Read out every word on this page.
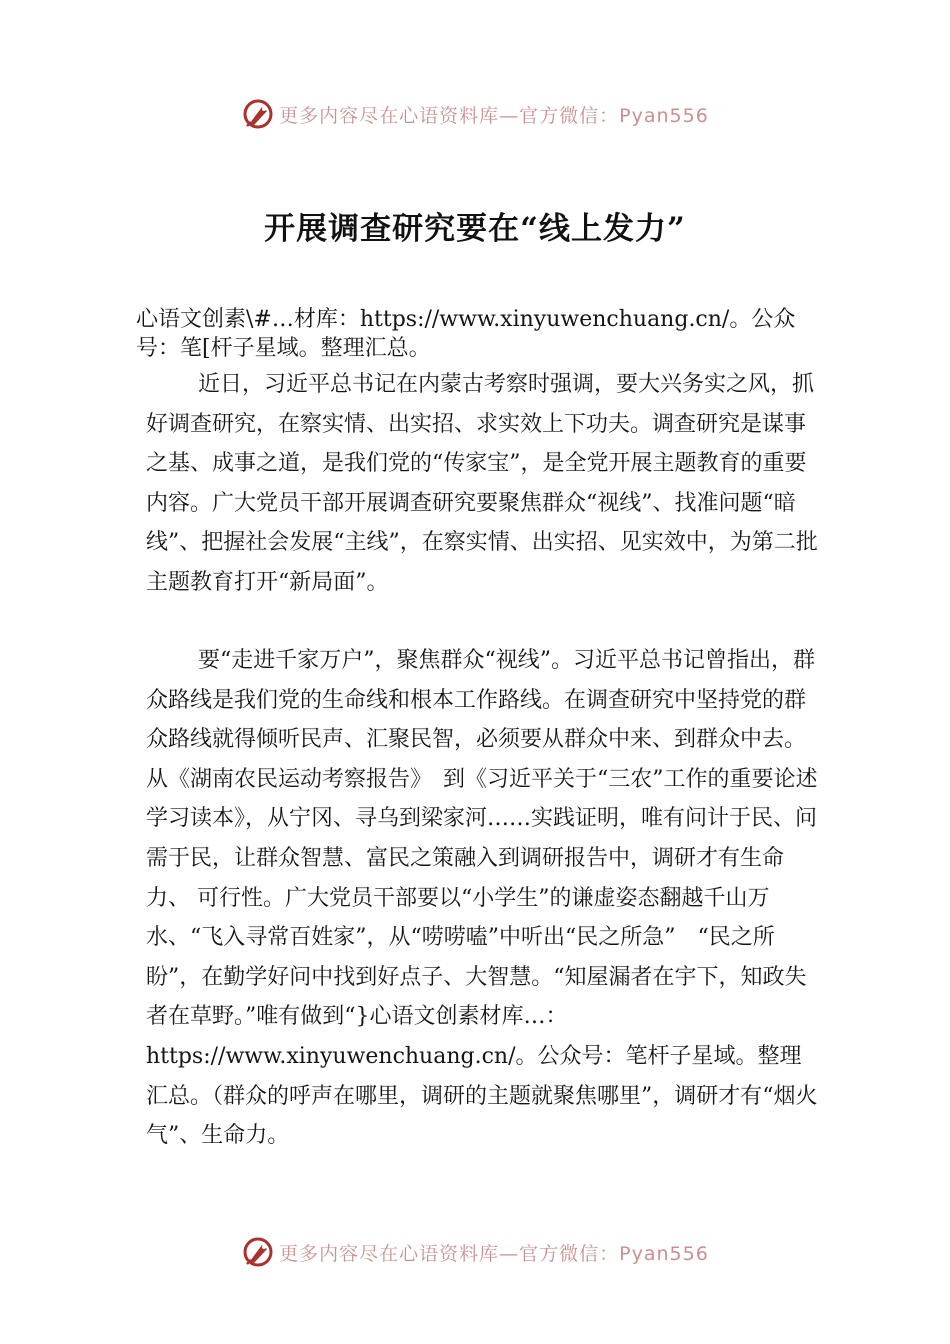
更多内容尽在心语资料库—官方微信：Pyan556
开展调查研究要在“线上发力”

心语文创素\#…材库：https://www.xinyuwenchuang.cn/。公众号：笔[杆子星域。整理汇总。

近日，习近平总书记在内蒙古考察时强调，要大兴务实之风，抓好调查研究，在察实情、出实招、求实效上下功夫。调查研究是谋事之基、成事之道，是我们党的“传家宝”，是全党开展主题教育的重要内容。广大党员干部开展调查研究要聚焦群众“视线”、找准问题“暗线”、把握社会发展“主线”，在察实情、出实招、见实效中，为第二批主题教育打开“新局面”。

要“走进千家万户”，聚焦群众“视线”。习近平总书记曾指出，群众路线是我们党的生命线和根本工作路线。在调查研究中坚持党的群众路线就得倾听民声、汇聚民智，必须要从群众中来、到群众中去。从《湖南农民运动考察报告》　到《习近平关于“三农”工作的重要论述学习读本》，从宁冈、寻乌到梁家河……实践证明，唯有问计于民、问需于民，让群众智慧、富民之策融入到调研报告中，调研才有生命力、 可行性。广大党员干部要以“小学生”的谦虚姿态翻越千山万水、“飞入寻常百姓家”，从“唠唠嗑”中听出“民之所急”　“民之所盼”，在勤学好问中找到好点子、大智慧。“知屋漏者在宇下，知政失者在草野。”唯有做到“}心语文创素材库…：https://www.xinyuwenchuang.cn/。公众号：笔杆子星域。整理汇总。（群众的呼声在哪里，调研的主题就聚焦哪里”，调研才有“烟火气”、生命力。

更多内容尽在心语资料库—官方微信：Pyan556
